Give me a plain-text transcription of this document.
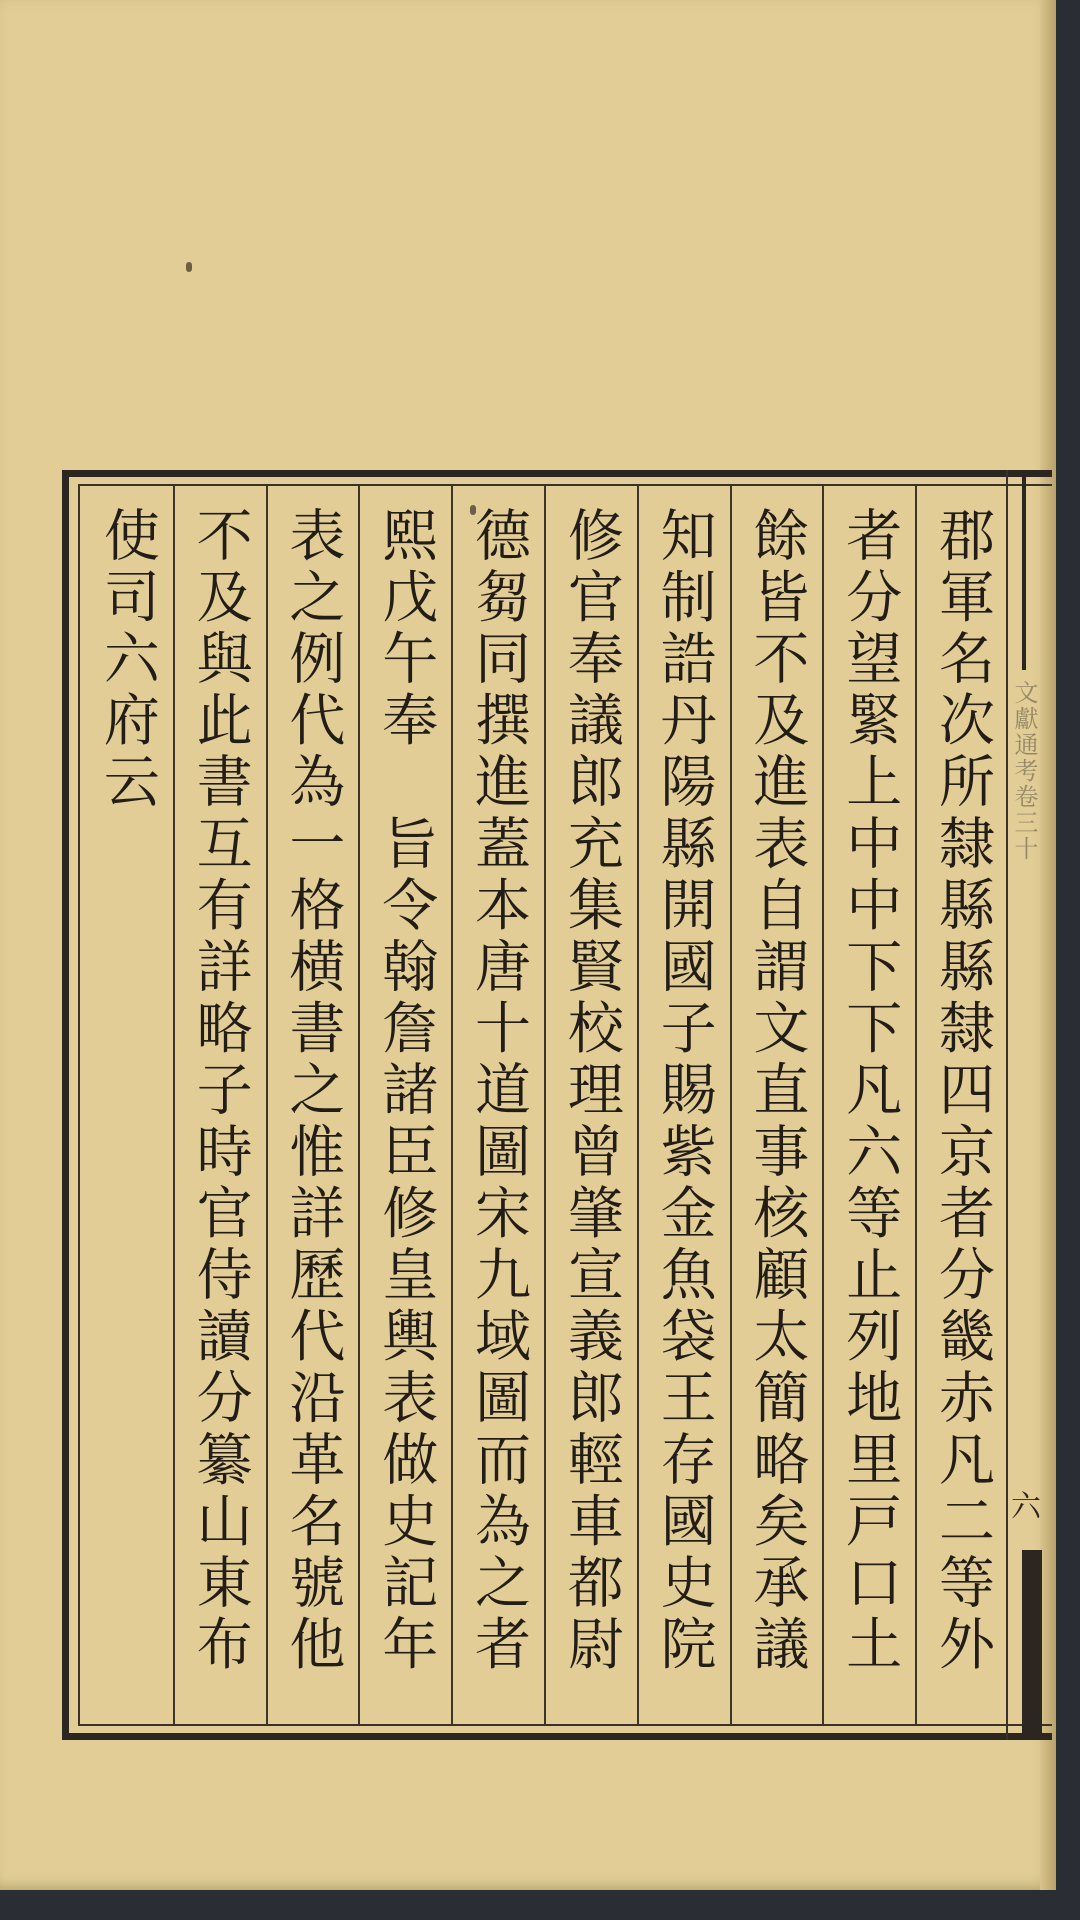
文獻通考卷三十
六
郡軍名次所隸縣縣隸四京者分畿赤凡二等外
者分望緊上中中下下凡六等止列地里戸口土
餘皆不及進表自謂文直事核顧太簡略矣承議
知制誥丹陽縣開國子賜紫金魚袋王存國史院
修官奉議郎充集賢校理曾肇宣義郎輕車都尉
德芻同撰進蓋本唐十道圖宋九域圖而為之者
熙戊午奉　旨令翰詹諸臣修皇輿表做史記年
表之例代為一格横書之惟詳歷代沿革名號他
不及與此書互有詳略子時官侍讀分纂山東布
使司六府云
